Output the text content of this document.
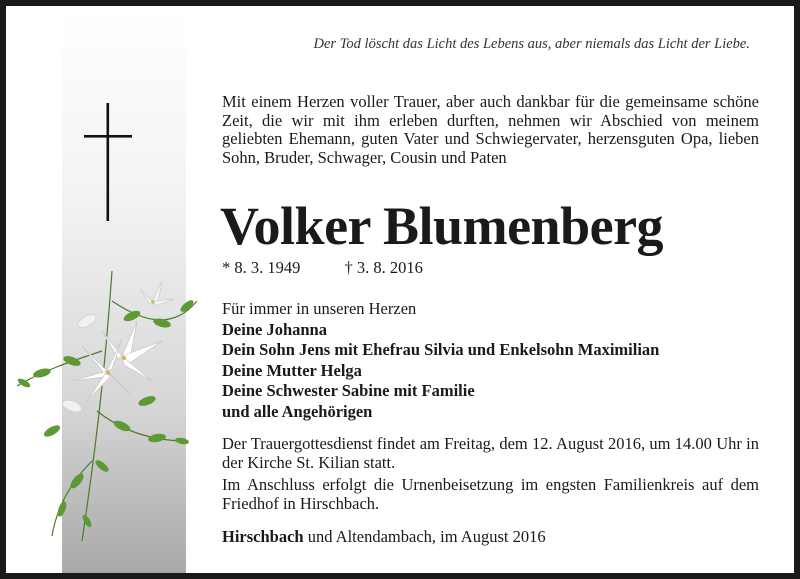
Der Tod löscht das Licht des Lebens aus, aber niemals das Licht der Liebe.
Mit einem Herzen voller Trauer, aber auch dankbar für die gemeinsame schöne Zeit, die wir mit ihm erleben durften, nehmen wir Abschied von meinem geliebten Ehemann, guten Vater und Schwiegervater, herzensguten Opa, lieben Sohn, Bruder, Schwager, Cousin und Paten
Volker Blumenberg
* 8. 3. 1949	† 3. 8. 2016
Für immer in unseren Herzen
Deine Johanna
Dein Sohn Jens mit Ehefrau Silvia und Enkelsohn Maximilian
Deine Mutter Helga
Deine Schwester Sabine mit Familie
und alle Angehörigen
Der Trauergottesdienst findet am Freitag, dem 12. August 2016, um 14.00 Uhr in der Kirche St. Kilian statt.
Im Anschluss erfolgt die Urnenbeisetzung im engsten Familienkreis auf dem Friedhof in Hirschbach.
Hirschbach und Altendambach, im August 2016
